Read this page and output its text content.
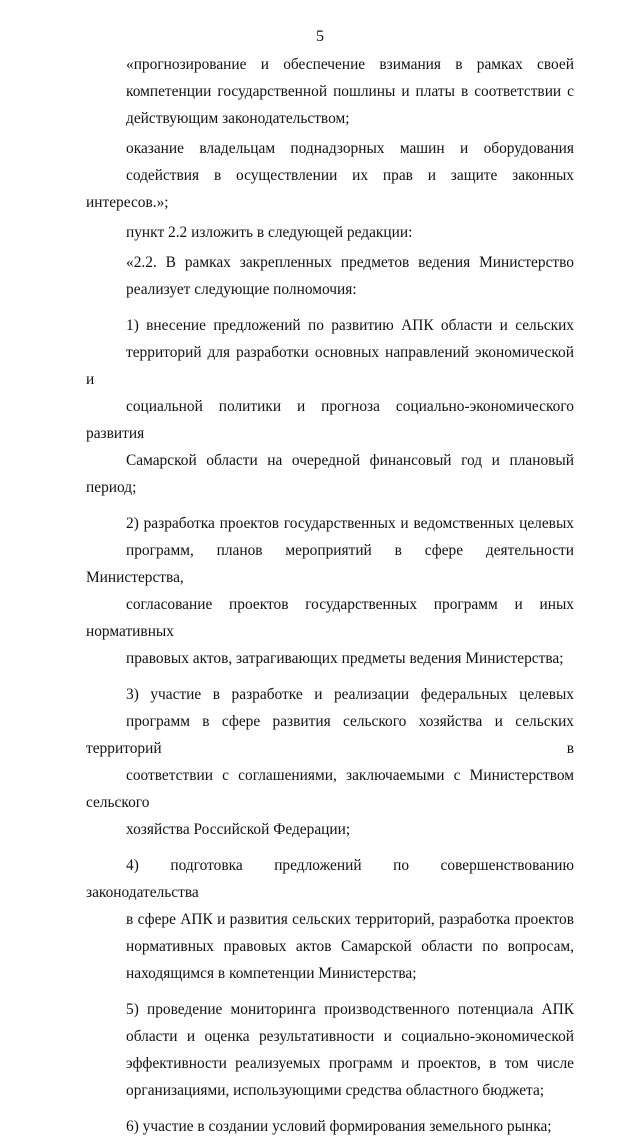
5
«прогнозирование и обеспечение взимания в рамках своей
компетенции государственной пошлины и платы в соответствии с
действующим законодательством;
оказание владельцам поднадзорных машин и оборудования
содействия в осуществлении их прав и защите законных интересов.»;
пункт 2.2 изложить в следующей редакции:
«2.2. В рамках закрепленных предметов ведения Министерство
реализует следующие полномочия:
1) внесение предложений по развитию АПК области и сельских
территорий для разработки основных направлений экономической и
социальной политики и прогноза социально-экономического развития
Самарской области на очередной финансовый год и плановый период;
2) разработка проектов государственных и ведомственных целевых
программ, планов мероприятий в сфере деятельности Министерства,
согласование проектов государственных программ и иных нормативных
правовых актов, затрагивающих предметы ведения Министерства;
3) участие в разработке и реализации федеральных целевых
программ в сфере развития сельского хозяйства и сельских территорий в
соответствии с соглашениями, заключаемыми с Министерством сельского
хозяйства Российской Федерации;
4) подготовка предложений по совершенствованию законодательства
в сфере АПК и развития сельских территорий, разработка проектов
нормативных правовых актов Самарской области по вопросам,
находящимся в компетенции Министерства;
5) проведение мониторинга производственного потенциала АПК
области и оценка результативности и социально-экономической
эффективности реализуемых программ и проектов, в том числе
организациями, использующими средства областного бюджета;
6) участие в создании условий формирования земельного рынка;
